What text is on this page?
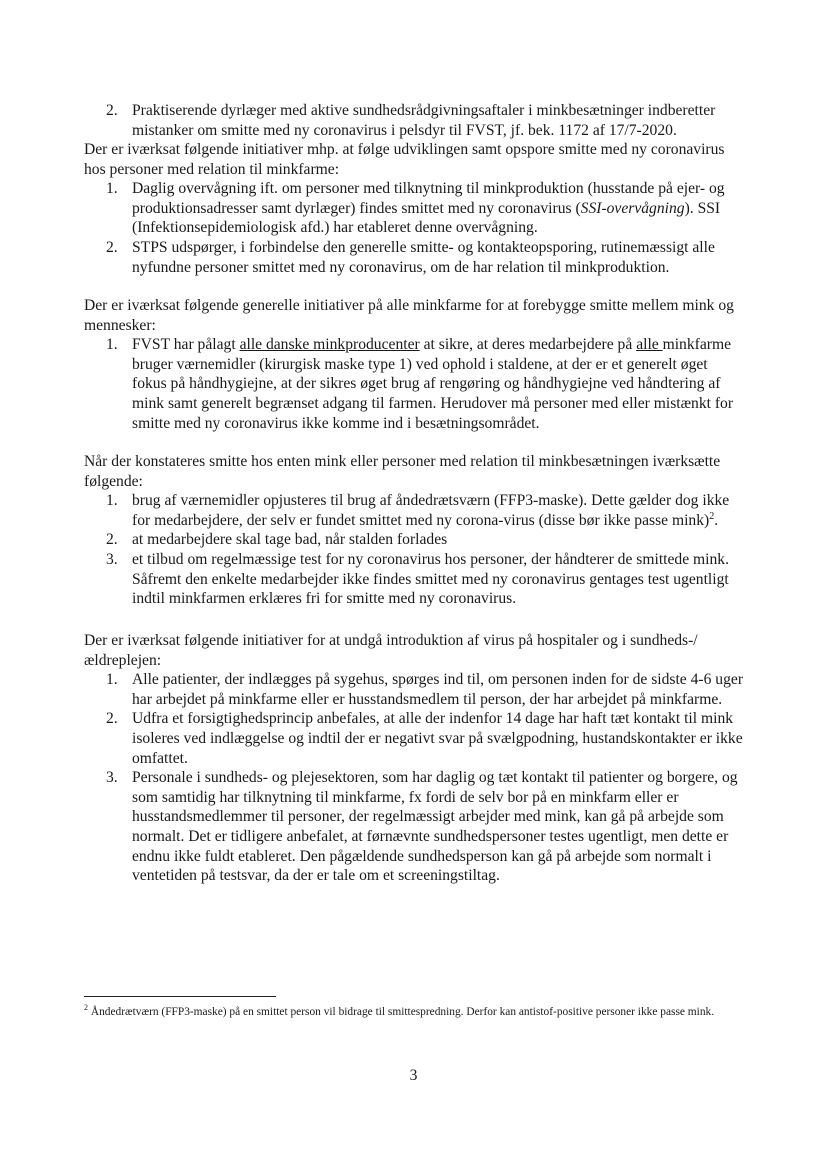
2. Praktiserende dyrlæger med aktive sundhedsrådgivningsaftaler i minkbesætninger indberetter mistanker om smitte med ny coronavirus i pelsdyr til FVST, jf. bek. 1172 af 17/7-2020.

Der er iværksat følgende initiativer mhp. at følge udviklingen samt opspore smitte med ny coronavirus hos personer med relation til minkfarme:

1. Daglig overvågning ift. om personer med tilknytning til minkproduktion (husstande på ejer- og produktionsadresser samt dyrlæger) findes smittet med ny coronavirus (SSI-overvågning). SSI (Infektionsepidemiologisk afd.) har etableret denne overvågning.
2. STPS udspørger, i forbindelse den generelle smitte- og kontakteopsporing, rutinemæssigt alle nyfundne personer smittet med ny coronavirus, om de har relation til minkproduktion.

Der er iværksat følgende generelle initiativer på alle minkfarme for at forebygge smitte mellem mink og mennesker:

1. FVST har pålagt alle danske minkproducenter at sikre, at deres medarbejdere på alle minkfarme bruger værnemidler (kirurgisk maske type 1) ved ophold i staldene, at der er et generelt øget fokus på håndhygiejne, at der sikres øget brug af rengøring og håndhygiejne ved håndtering af mink samt generelt begrænset adgang til farmen. Herudover må personer med eller mistænkt for smitte med ny coronavirus ikke komme ind i besætningsområdet.

Når der konstateres smitte hos enten mink eller personer med relation til minkbesætningen iværksætte følgende:

1. brug af værnemidler opjusteres til brug af åndedrætsværn (FFP3-maske). Dette gælder dog ikke for medarbejdere, der selv er fundet smittet med ny corona-virus (disse bør ikke passe mink)$^2$.
2. at medarbejdere skal tage bad, når stalden forlades
3. et tilbud om regelmæssige test for ny coronavirus hos personer, der håndterer de smittede mink. Såfremt den enkelte medarbejder ikke findes smittet med ny coronavirus gentages test ugentligt indtil minkfarmen erklæres fri for smitte med ny coronavirus.

Der er iværksat følgende initiativer for at undgå introduktion af virus på hospitaler og i sundheds-/ældreplejen:

1. Alle patienter, der indlægges på sygehus, spørges ind til, om personen inden for de sidste 4-6 uger har arbejdet på minkfarme eller er husstandsmedlem til person, der har arbejdet på minkfarme.
2. Udfra et forsigtighedsprincip anbefales, at alle der indenfor 14 dage har haft tæt kontakt til mink isoleres ved indlæggelse og indtil der er negativt svar på svælgpodning, hustandskontakter er ikke omfattet.
3. Personale i sundheds- og plejesektoren, som har daglig og tæt kontakt til patienter og borgere, og som samtidig har tilknytning til minkfarme, fx fordi de selv bor på en minkfarm eller er husstandsmedlemmer til personer, der regelmæssigt arbejder med mink, kan gå på arbejde som normalt. Det er tidligere anbefalet, at førnævnte sundhedspersoner testes ugentligt, men dette er endnu ikke fuldt etableret. Den pågældende sundhedsperson kan gå på arbejde som normalt i ventetiden på testsvar, da der er tale om et screeningstiltag.

$^2$ Åndedrætværn (FFP3-maske) på en smittet person vil bidrage til smittespredning. Derfor kan antistof-positive personer ikke passe mink.

3
